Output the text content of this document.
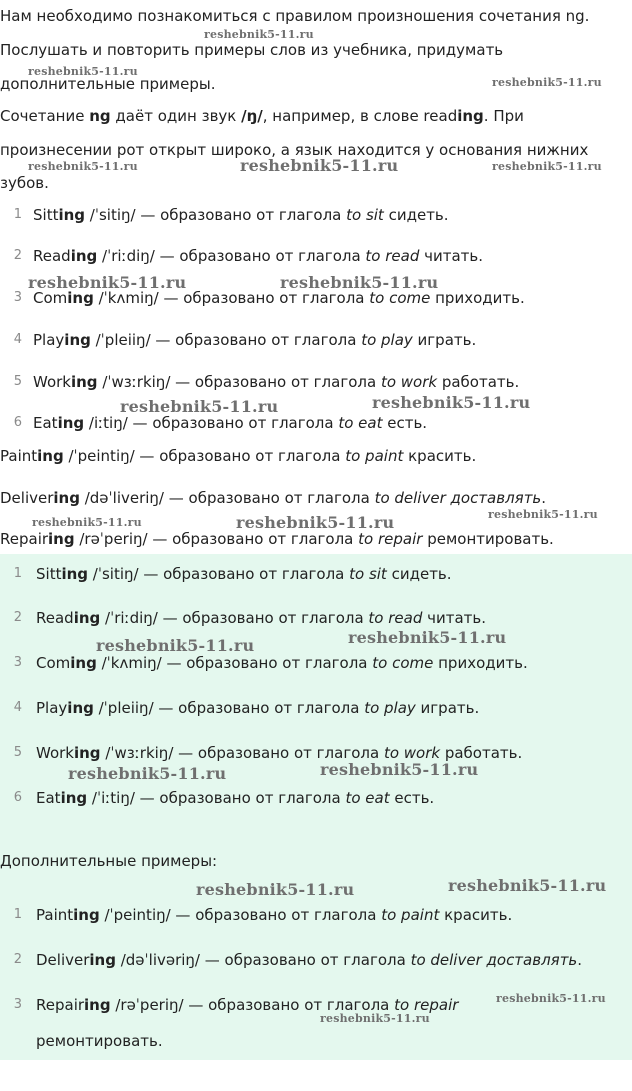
Нам необходимо познакомиться с правилом произношения сочетания ng.
Послушать и повторить примеры слов из учебника, придумать
дополнительные примеры.
Сочетание ng даёт один звук /ŋ/, например, в слове reading. При
произнесении рот открыт широко, а язык находится у основания нижних
зубов.
1 Sitting /ˈsitiŋ/ — образовано от глагола to sit сидеть.
2 Reading /ˈriːdiŋ/ — образовано от глагола to read читать.
3 Coming /ˈkʌmiŋ/ — образовано от глагола to come приходить.
4 Playing /ˈpleiiŋ/ — образовано от глагола to play играть.
5 Working /ˈwɜːrkiŋ/ — образовано от глагола to work работать.
6 Eating /iːtiŋ/ — образовано от глагола to eat есть.
Painting /ˈpeintiŋ/ — образовано от глагола to paint красить.
Delivering /dəˈliveriŋ/ — образовано от глагола to deliver доставлять.
Repairing /rəˈperiŋ/ — образовано от глагола to repair ремонтировать.
1 Sitting /ˈsitiŋ/ — образовано от глагола to sit сидеть.
2 Reading /ˈriːdiŋ/ — образовано от глагола to read читать.
3 Coming /ˈkʌmiŋ/ — образовано от глагола to come приходить.
4 Playing /ˈpleiiŋ/ — образовано от глагола to play играть.
5 Working /ˈwɜːrkiŋ/ — образовано от глагола to work работать.
6 Eating /ˈiːtiŋ/ — образовано от глагола to eat есть.
Дополнительные примеры:
1 Painting /ˈpeintiŋ/ — образовано от глагола to paint красить.
2 Delivering /dəˈlivəriŋ/ — образовано от глагола to deliver доставлять.
3 Repairing /rəˈperiŋ/ — образовано от глагола to repair
ремонтировать.
reshebnik5-11.ru
reshebnik5-11.ru
reshebnik5-11.ru
reshebnik5-11.ru	reshebnik5-11.ru	reshebnik5-11.ru
reshebnik5-11.ru	reshebnik5-11.ru
reshebnik5-11.ru	reshebnik5-11.ru
reshebnik5-11.ru	reshebnik5-11.ru	reshebnik5-11.ru
reshebnik5-11.ru	reshebnik5-11.ru
reshebnik5-11.ru	reshebnik5-11.ru
reshebnik5-11.ru	reshebnik5-11.ru
reshebnik5-11.ru
reshebnik5-11.ru
